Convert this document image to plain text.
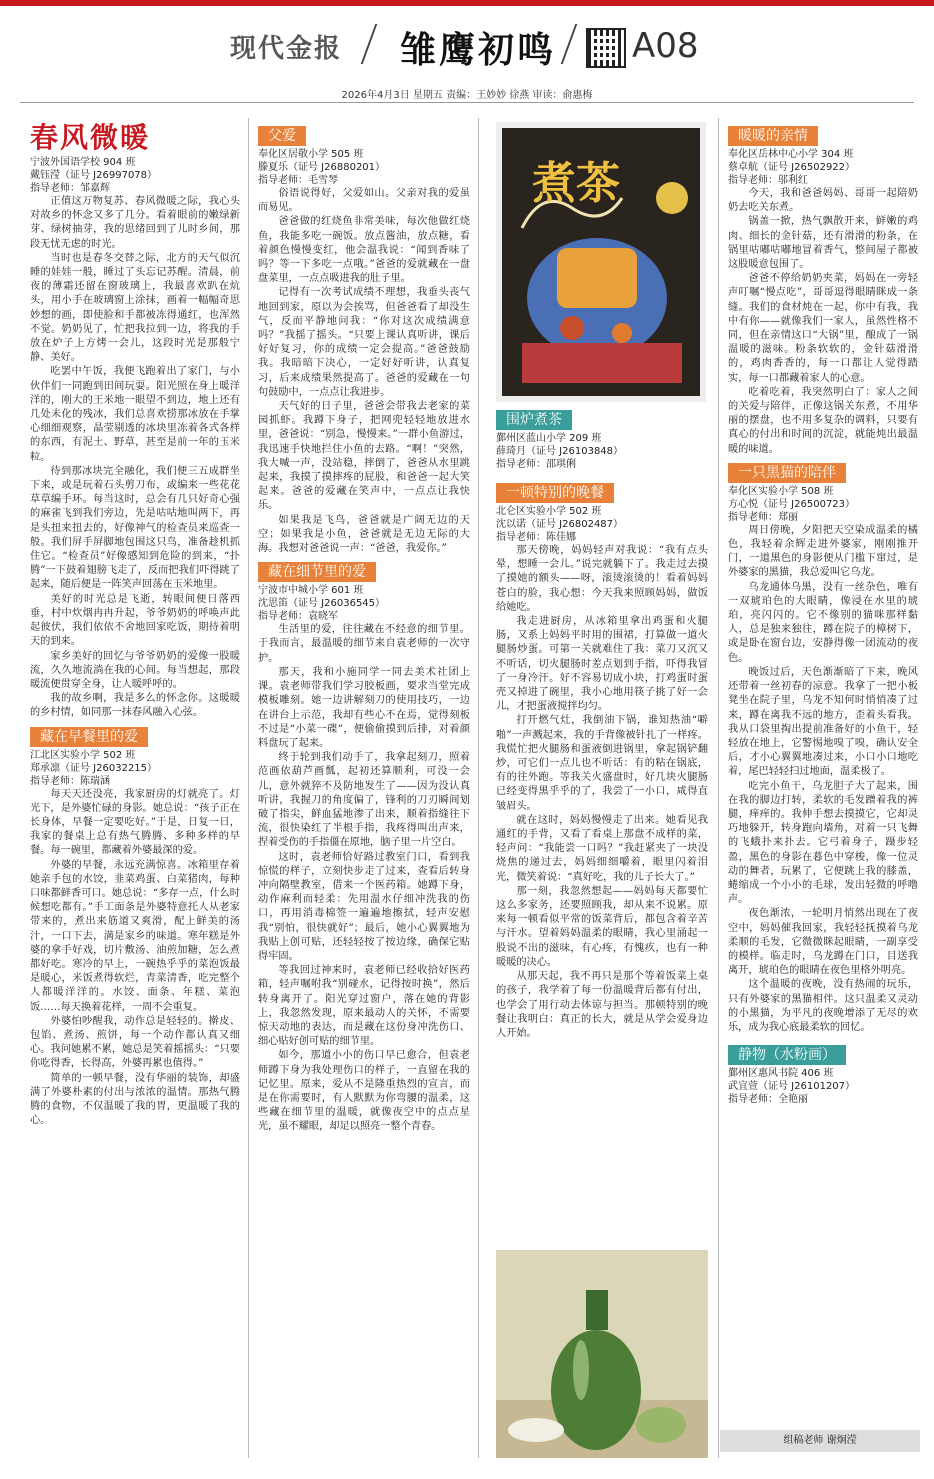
现代金报 雏鹰初鸣 A08
2026年4月3日 星期五 责编：王妙妙 徐燕 审读：俞惠梅
春风微暖
宁波外国语学校 904 班
戴钰滢（证号 J26997078）
指导老师：邹嘉辉

正值这万物复苏、春风微暖之际，我心头对故乡的怀念又多了几分。看着眼前的嫩绿新芽、绿树抽芽，我的思绪回到了儿时乡间，那段无忧无虑的时光。

当时也是春冬交替之际，北方的天气似沉睡的娃娃一般，睡过了头忘记苏醒。清晨，前夜的薄霜还留在窗玻璃上，我最喜欢趴在炕头，用小手在玻璃窗上涂抹，画着一幅幅奇思妙想的画，即使脸和手都被冻得通红，也浑然不觉。奶奶见了，忙把我拉到一边，将我的手放在炉子上方烤一会儿，这段时光是那般宁静、美好。

吃罢中午饭，我便飞跑着出了家门，与小伙伴们一同跑到田间玩耍。阳光照在身上暖洋洋的，刚大的王米地一眼望不到边，地上还有几处未化的残冰，我们总喜欢捞那冰放在手掌心细细观察，晶莹剔透的冰块里冻着各式各样的东西，有泥土、野草，甚至是前一年的玉米粒。

待到那冰块完全融化，我们便三五成群坐下来，或是玩着石头剪刀布，或编来一些花花草草编手环。每当这时，总会有几只好奇心强的麻雀飞到我们旁边，先是咕咕地叫两下，再是头扭来扭去的，好像神气的检查员来巡查一般。我们屏手屏脚地包围这只鸟，准备趁机抓住它。“检查员”好像感知到危险的到来，“扑腾”一下鼓着翅膀飞走了，反而把我们吓得跳了起来，随后便是一阵笑声回荡在玉米地里。

美好的时光总是飞逝，转眼间便日落西垂，村中炊烟冉冉升起，爷爷奶奶的呼唤声此起彼伏，我们依依不舍地回家吃饭，期待着明天的到来。

家乡美好的回忆与爷爷奶奶的爱像一股暖流，久久地流淌在我的心间。每当想起，那段暖流便贯穿全身，让人暖呼呼的。

我的故乡啊，我是多么的怀念你。这暖暖的乡村情，如同那一抹春风融入心弦。

藏在早餐里的爱
江北区实验小学 502 班
郑承凛（证号 J26032215）
指导老师：陈瑞涵

每天天还没亮，我家厨房的灯就亮了。灯光下，是外婆忙碌的身影。她总说：“孩子正在长身体，早餐一定要吃好。”于是，日复一日，我家的餐桌上总有热气腾腾、多种多样的早餐。每一碗里，都藏着外婆最深的爱。

外婆的早餐，永远充满惊喜。冰箱里存着她亲手包的水饺，韭菜鸡蛋、白菜猪肉，每种口味都鲜香可口。她总说：“多存一点，什么时候想吃都有。”手工面条是外婆特意托人从老家带来的，煮出来筋道又爽滑，配上鲜美的汤汁，一口下去，满是家乡的味道。寒年糕是外婆的拿手好戏，切片敷汤、油煎加糖，怎么煮都好吃。寒冷的早上，一碗热乎乎的菜泡饭最是暖心，米饭煮得软烂，青菜清香，吃完整个人都暖洋洋的。水饺、面条、年糕、菜泡饭……每天换着花样，一周不会重复。

外婆怕吵醒我，动作总是轻轻的。擀皮、包馅、煮汤、煎饼，每一个动作都认真又细心。我问她累不累，她总是笑着摇摇头：“只要你吃得香，长得高，外婆再累也值得。”

简单的一顿早餐，没有华丽的装饰，却盛满了外婆朴素的付出与浓浓的温情。那热气腾腾的食物，不仅温暖了我的胃，更温暖了我的心。

父爱
奉化区居敬小学 505 班
滕夏乐（证号 J26880201）
指导老师：毛雪琴

俗语说得好，父爱如山。父亲对我的爱虽而易见。

爸爸做的红烧鱼非常美味，每次他做红烧鱼，我能多吃一碗饭。放点酱油，放点糖，看着颜色慢慢变红，他会温我说：“闻到香味了吗？等一下多吃一点哦。”爸爸的爱就藏在一盘盘菜里，一点点吸进我的肚子里。

记得有一次考试成绩不理想，我垂头丧气地回到家，原以为会挨骂，但爸爸看了却没生气，反而平静地问我：“你对这次成绩满意吗？”我摇了摇头。“只要上课认真听讲，课后好好复习，你的成绩一定会提高。”爸爸鼓励我。我暗暗下决心，一定好好听讲，认真复习，后来成绩果然提高了。爸爸的爱藏在一句句鼓励中，一点点让我进步。

天气好的日子里，爸爸会带我去老家的菜园抓虾。我蹲下身子，把网兜轻轻地放进水里，爸爸说：“别急，慢慢来。”一群小鱼游过，我迅速手快地拦住小鱼的去路。“啊！”突然，我大喊一声，没站稳，摔倒了，爸爸从水里跳起来，我摸了摸摔疼的屁股，和爸爸一起大笑起来。爸爸的爱藏在笑声中，一点点让我快乐。

如果我是飞鸟，爸爸就是广阔无边的天空；如果我是小鱼，爸爸就是无边无际的大海。我想对爸爸说一声：“爸爸，我爱你。”

藏在细节里的爱
宁波市中城小学 601 班
沈思笛（证号 J26036545）
指导老师：袁晓军

生活里的爱，往往藏在不经意的细节里。于我而言，最温暖的细节来自袁老师的一次守护。

那天，我和小施同学一同去美术社团上课。袁老师带我们学习胶板画，要求当堂完成模板雕刻。她一边讲解刻刀的使用技巧，一边在讲台上示范，我却有些心不在焉，觉得刻板不过是“小菜一碟”，便偷偷摸到后排，对着颜料盘玩了起来。

终于轮到我们动手了，我拿起刻刀，照着范画依葫芦画瓢，起初还算顺利，可没一会儿，意外就猝不及防地发生了——因为没认真听讲，我握刀的角度偏了，锋利的刀刃瞬间划破了指尖，鲜血猛地渗了出来，顺着指缝往下流，很快染红了半根手指，我疼得叫出声来，捏着受伤的手指僵在原地，脑子里一片空白。

这时，袁老师恰好路过教室门口，看到我惊慌的样子，立刻快步走了过来，查看后转身冲向隔壁教室，借来一个医药箱。她蹲下身，动作麻利而轻柔：先用温水仔细冲洗我的伤口，再用消毒棉签一遍遍地擦拭，轻声安慰我“别怕，很快就好”；最后，她小心翼翼地为我贴上创可贴，还轻轻按了按边缘，确保它贴得牢固。

等我回过神来时，袁老师已经收拾好医药箱，轻声嘱咐我“别碰水，记得按时换”，然后转身离开了。阳光穿过窗户，落在她的背影上，我忽然发现，原来最动人的关怀，不需要惊天动地的表达，而是藏在这份身冲洗伤口、细心贴好创可贴的细节里。

如今，那道小小的伤口早已愈合，但袁老师蹲下身为我处理伤口的样子，一直留在我的记忆里。原来，爱从不是隆重热烈的宣言，而是在你需要时，有人默默为你弯腰的温柔，这些藏在细节里的温暖，就像夜空中的点点星光，虽不耀眼，却足以照亮一整个青春。

煮茶
围炉煮茶
鄞州区蓝山小学 209 班
薛琦月（证号 J26103848）
指导老师：邵琪俐
一顿特别的晚餐
北仑区实验小学 502 班
沈以诺（证号 J26802487）
指导老师：陈佳娜

那天傍晚，妈妈轻声对我说：“我有点头晕，想睡一会儿。”说完就躺下了。我走过去摸了摸她的额头——呀，滚烫滚烫的！看着妈妈苍白的脸，我心想：今天我来照顾妈妈，做饭给她吃。

我走进厨房，从冰箱里拿出鸡蛋和火腿肠，又系上妈妈平时用的围裙，打算做一道火腿肠炒蛋。可第一关就难住了我：菜刀又沉又不听话，切火腿肠时差点划到手指，吓得我冒了一身冷汗。好不容易切成小块，打鸡蛋时蛋壳又掉进了碗里，我小心地用筷子挑了好一会儿，才把蛋液搅拌均匀。

打开燃气灶，我倒油下锅，谁知热油“噼啪”一声溅起来，我的手背像被针扎了一样疼。我慌忙把火腿肠和蛋液倒进锅里，拿起锅铲翻炒，可它们一点儿也不听话：有的粘在锅底，有的往外跑。等我关火盛盘时，好几块火腿肠已经变得黑乎乎的了，我尝了一小口，咸得直皱眉头。

就在这时，妈妈慢慢走了出来。她看见我通红的手背，又看了看桌上那盘不成样的菜，轻声问：“我能尝一口吗？”我赶紧夹了一块没烧焦的递过去，妈妈细细嚼着，眼里闪着泪光，微笑着说：“真好吃，我的儿子长大了。”

那一刻，我忽然想起——妈妈每天都要忙这么多家务，还要照顾我，却从来不说累。原来每一顿看似平常的饭菜背后，都包含着辛苦与汗水。望着妈妈温柔的眼睛，我心里涌起一股说不出的滋味，有心疼，有愧疚，也有一种暖暖的决心。

从那天起，我不再只是那个等着饭菜上桌的孩子，我学着了每一份温暖背后都有付出，也学会了用行动去体谅与担当。那顿特别的晚餐让我明白：真正的长大，就是从学会爱身边人开始。

暖暖的亲情
奉化区岳林中心小学 304 班
蔡卓航（证号 J26502922）
指导老师：邬利红

今天，我和爸爸妈妈、哥哥一起陪奶奶去吃关东煮。

锅盖一掀，热气飘散开来，鲜嫩的鸡肉、细长的金针菇，还有滑滑的粉条，在锅里咕嘟咕嘟地冒着香气，整间屋子都被这股暖意包围了。

爸爸不停给奶奶夹菜，妈妈在一旁轻声叮嘱“慢点吃”，哥哥逗得眼睛眯成一条缝。我们的食材炖在一起，你中有我，我中有你——就像我们一家人，虽然性格不同，但在亲情这口“大锅”里，酿成了一锅温暖的滋味。粉条软软的，金针菇滑滑的，鸡肉香香的，每一口都让人觉得踏实，每一口都藏着家人的心意。

吃着吃着，我突然明白了：家人之间的关爱与陪伴，正像这锅关东煮，不用华丽的摆盘，也不用多复杂的调料，只要有真心的付出和时间的沉淀，就能炖出最温暖的味道。

一只黑猫的陪伴
奉化区实验小学 508 班
方心悦（证号 J26500723）
指导老师：郑丽

周日傍晚，夕阳把天空染成温柔的橘色，我轻着余辉走进外婆家，刚刚推开门，一道黑色的身影便从门槛下窜过，是外婆家的黑猫，我总爱叫它乌龙。

乌龙通体乌黑，没有一丝杂色，唯有一双琥珀色的大眼睛，像浸在水里的琥珀，亮闪闪的。它不像别的猫咪那样黏人，总是独来独往，蹲在院子的樟树下，或是卧在窗台边，安静得像一团流动的夜色。

晚饭过后，天色渐渐暗了下来，晚风还带着一丝初春的凉意。我拿了一把小板凳坐在院子里，乌龙不知何时悄悄凑了过来，蹲在离我不远的地方，歪着头看我。我从口袋里掏出提前准备好的小鱼干，轻轻放在地上，它警惕地嗅了嗅，确认安全后，才小心翼翼地凑过来，小口小口地吃着，尾巴轻轻扫过地面，温柔极了。

吃完小鱼干，乌龙胆子大了起来，围在我的脚边打转，柔软的毛发蹭着我的裤腿，痒痒的。我伸手想去摸摸它，它却灵巧地躲开，转身跑向墙角，对着一只飞舞的飞蛾扑来扑去。它弓着身子，蹑步轻盈，黑色的身影在暮色中穿梭，像一位灵动的舞者，玩累了，它便跳上我的膝盖，蜷缩成一个小小的毛球，发出轻微的呼噜声。

夜色渐浓，一轮明月悄然出现在了夜空中，妈妈催我回家，我轻轻抚摸着乌龙柔顺的毛发，它微微眯起眼睛，一副享受的模样。临走时，乌龙蹲在门口，目送我离开，琥珀色的眼睛在夜色里格外明亮。

这个温暖的夜晚，没有热闹的玩乐，只有外婆家的黑猫相伴。这只温柔又灵动的小黑猫，为平凡的夜晚增添了无尽的欢乐，成为我心底最柔软的回忆。

静物（水粉画）
鄞州区惠风书院 406 班
武宜萱（证号 J26101207）
指导老师：全艳丽
组稿老师 谢炯滢
